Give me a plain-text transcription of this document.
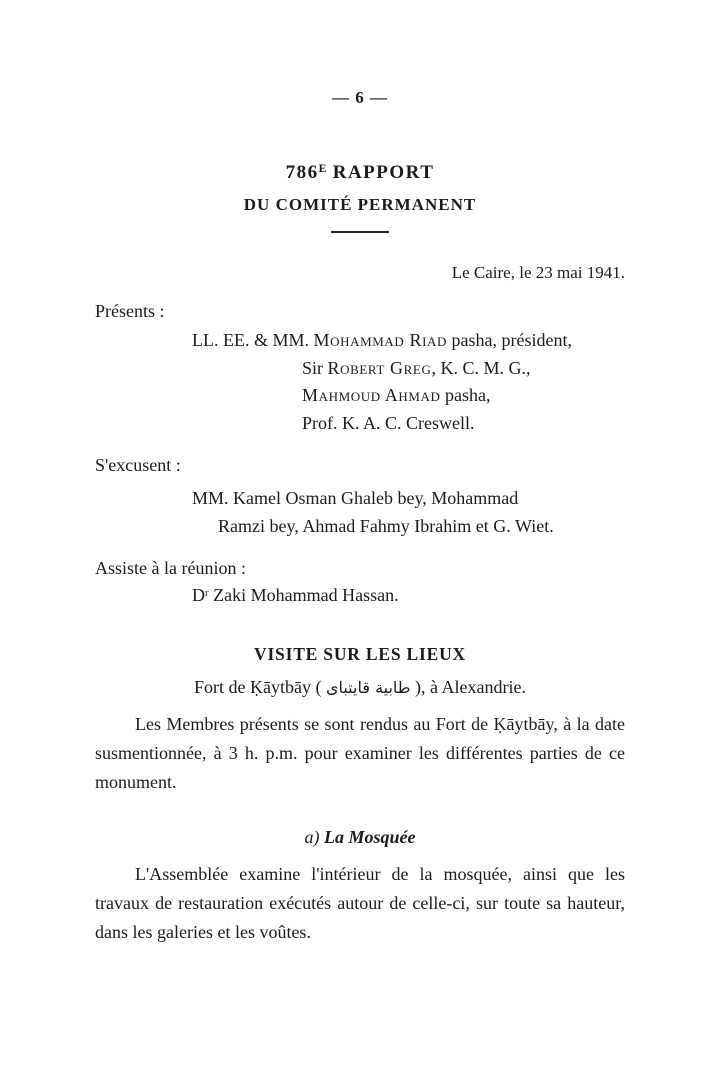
— 6 —
$786^E$ RAPPORT
DU COMITÉ PERMANENT
Le Caire, le 23 mai 1941.
Présents :
LL. EE. & MM. Mohammad Riad pasha, président,
Sir Robert Greg, K. C. M. G.,
Mahmoud Ahmad pasha,
Prof. K. A. C. Creswell.
S'excusent :
MM. Kamel Osman Ghaleb bey, Mohammad
Ramzi bey, Ahmad Fahmy Ibrahim et G. Wiet.
Assiste à la réunion :
$D^r$ Zaki Mohammad Hassan.
VISITE SUR LES LIEUX
Fort de Ḳāytbāy ( طابية قايتباى ), à Alexandrie.

Les Membres présents se sont rendus au Fort de Ḳāytbāy, à la date susmentionnée, à 3 h. p.m. pour examiner les différentes parties de ce monument.

a) La Mosquée

L'Assemblée examine l'intérieur de la mosquée, ainsi que les travaux de restauration exécutés autour de celle-ci, sur toute sa hauteur, dans les galeries et les voûtes.
